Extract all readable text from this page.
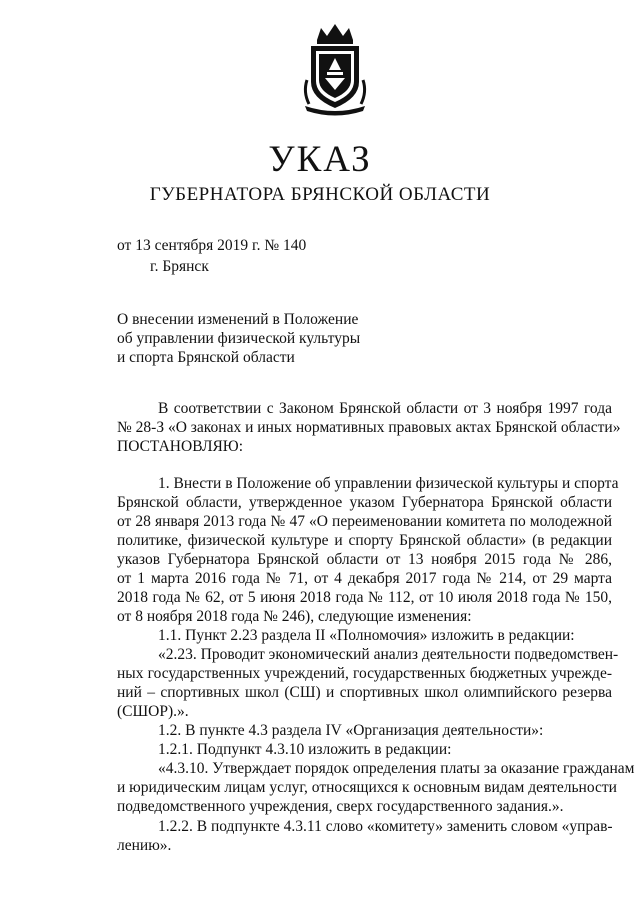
УКАЗ
ГУБЕРНАТОРА БРЯНСКОЙ ОБЛАСТИ

от 13 сентября 2019 г. № 140

г. Брянск

О внесении изменений в Положение

об управлении физической культуры

и спорта Брянской области

В соответствии с Законом Брянской области от 3 ноября 1997 года

№ 28-З «О законах и иных нормативных правовых актах Брянской области»

ПОСТАНОВЛЯЮ:

1. Внести в Положение об управлении физической культуры и спорта

Брянской области, утвержденное указом Губернатора Брянской области

от 28 января 2013 года № 47 «О переименовании комитета по молодежной

политике, физической культуре и спорту Брянской области» (в редакции

указов Губернатора Брянской области от 13 ноября 2015 года № 286,

от 1 марта 2016 года № 71, от 4 декабря 2017 года № 214, от 29 марта

2018 года № 62, от 5 июня 2018 года № 112, от 10 июля 2018 года № 150,

от 8 ноября 2018 года № 246), следующие изменения:

1.1. Пункт 2.23 раздела II «Полномочия» изложить в редакции:

«2.23. Проводит экономический анализ деятельности подведомствен-

ных государственных учреждений, государственных бюджетных учрежде-

ний – спортивных школ (СШ) и спортивных школ олимпийского резерва

(СШОР).».

1.2. В пункте 4.3 раздела IV «Организация деятельности»:

1.2.1. Подпункт 4.3.10 изложить в редакции:

«4.3.10. Утверждает порядок определения платы за оказание гражданам

и юридическим лицам услуг, относящихся к основным видам деятельности

подведомственного учреждения, сверх государственного задания.».

1.2.2. В подпункте 4.3.11 слово «комитету» заменить словом «управ-

лению».
